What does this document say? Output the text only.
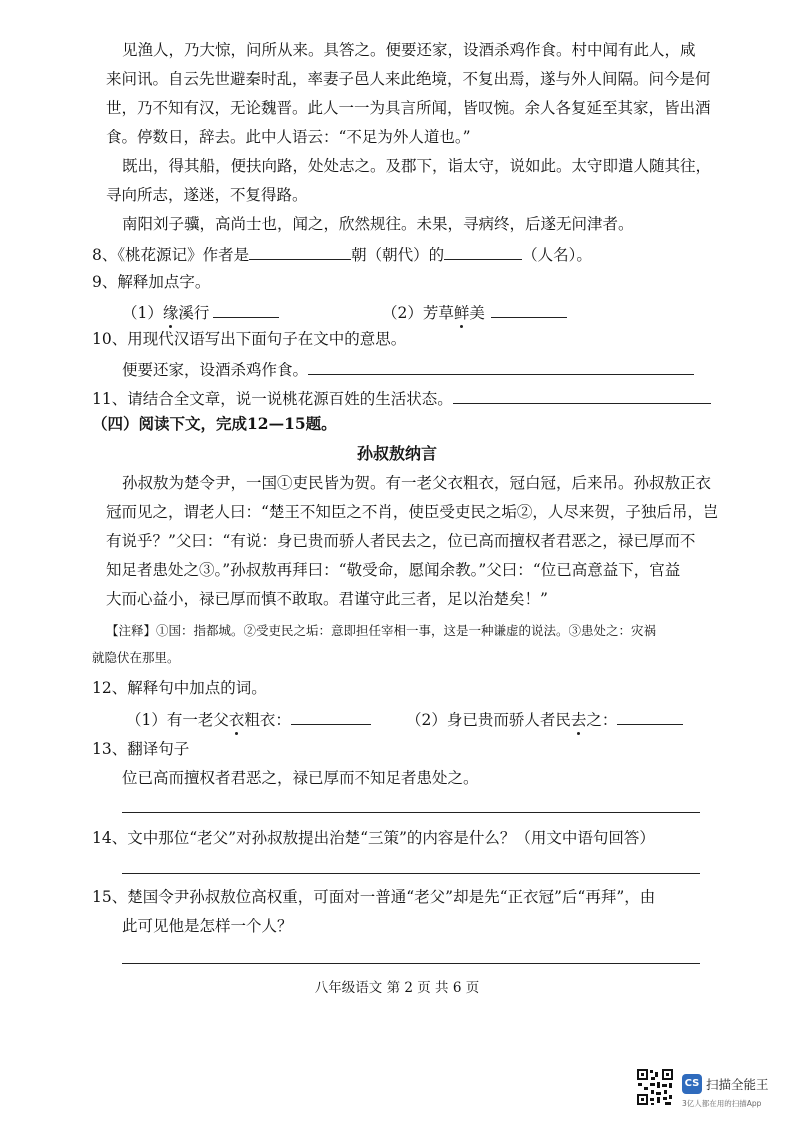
见渔人，乃大惊，问所从来。具答之。便要还家，设酒杀鸡作食。村中闻有此人，咸
来问讯。自云先世避秦时乱，率妻子邑人来此绝境，不复出焉，遂与外人间隔。问今是何
世，乃不知有汉，无论魏晋。此人一一为具言所闻，皆叹惋。余人各复延至其家，皆出酒
食。停数日，辞去。此中人语云：“不足为外人道也。”
既出，得其船，便扶向路，处处志之。及郡下，诣太守，说如此。太守即遣人随其往，
寻向所志，遂迷，不复得路。
南阳刘子骥，高尚士也，闻之，欣然规往。未果，寻病终，后遂无问津者。
8、《桃花源记》作者是	朝（朝代）的	（人名）。
9、解释加点字。
（1）缘溪行	（2）芳草鲜美
10、用现代汉语写出下面句子在文中的意思。
便要还家，设酒杀鸡作食。
11、请结合全文章，说一说桃花源百姓的生活状态。
（四）阅读下文，完成12—15题。
孙叔敖纳言
孙叔敖为楚令尹，一国①吏民皆为贺。有一老父衣粗衣，冠白冠，后来吊。孙叔敖正衣
冠而见之，谓老人曰：“楚王不知臣之不肖，使臣受吏民之垢②，人尽来贺，子独后吊，岂
有说乎？”父曰：“有说：身已贵而骄人者民去之，位已高而擅权者君恶之，禄已厚而不
知足者患处之③。”孙叔敖再拜曰：“敬受命，愿闻余教。”父曰：“位已高意益下，官益
大而心益小，禄已厚而慎不敢取。君谨守此三者，足以治楚矣！”
【注释】①国：指都城。②受吏民之垢：意即担任宰相一事，这是一种谦虚的说法。③患处之：灾祸
就隐伏在那里。
12、解释句中加点的词。
（1）有一老父衣粗衣：	（2）身已贵而骄人者民去之：
13、翻译句子
位已高而擅权者君恶之，禄已厚而不知足者患处之。
14、文中那位“老父”对孙叔敖提出治楚“三策”的内容是什么？（用文中语句回答）
15、楚国令尹孙叔敖位高权重，可面对一普通“老父”却是先“正衣冠”后“再拜”，由
此可见他是怎样一个人？
八年级语文 第 2 页 共 6 页
CS 扫描全能王
3亿人都在用的扫描App
